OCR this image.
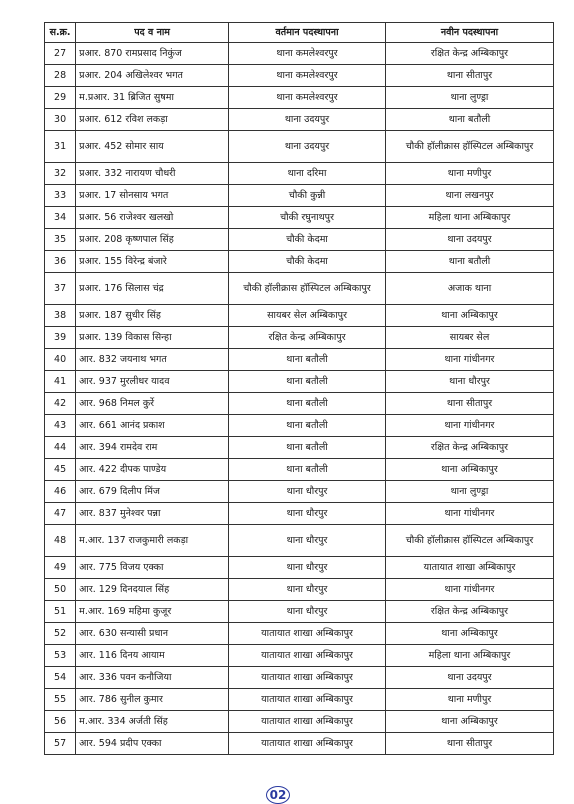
स.क्र.	पद व नाम	वर्तमान पदस्थापना	नवीन पदस्थापना
27	प्रआर. 870 रामप्रसाद निकुंज	थाना कमलेश्वरपुर	रक्षित केन्द्र अम्बिकापुर
28	प्रआर. 204 अखिलेश्वर भगत	थाना कमलेश्वरपुर	थाना सीतापुर
29	म.प्रआर. 31 ब्रिजित सुषमा	थाना कमलेश्वरपुर	थाना लुण्ड्रा
30	प्रआर. 612 रविश लकड़ा	थाना उदयपुर	थाना बतौली
31	प्रआर. 452 सोमार साय	थाना उदयपुर	चौकी हॉलीक्रास हॉस्पिटल अम्बिकापुर
32	प्रआर. 332 नारायण चौधरी	थाना दरिमा	थाना मणीपुर
33	प्रआर. 17 सोनसाय भगत	चौकी कुन्नी	थाना लखनपुर
34	प्रआर. 56 राजेश्वर खलखो	चौकी रघुनाथपुर	महिला थाना अम्बिकापुर
35	प्रआर. 208 कृष्णपाल सिंह	चौकी केदमा	थाना उदयपुर
36	प्रआर. 155 विरेन्द्र बंजारे	चौकी केदमा	थाना बतौली
37	प्रआर. 176 सिलास चंद्र	चौकी हॉलीक्रास हॉस्पिटल अम्बिकापुर	अजाक थाना
38	प्रआर. 187 सुधीर सिंह	सायबर सेल अम्बिकापुर	थाना अम्बिकापुर
39	प्रआर. 139 विकास सिन्हा	रक्षित केन्द्र अम्बिकापुर	सायबर सेल
40	आर. 832 जयनाथ भगत	थाना बतौली	थाना गांधीनगर
41	आर. 937 मुरलीधर यादव	थाना बतौली	थाना धौरपुर
42	आर. 968 निमल कुर्रे	थाना बतौली	थाना सीतापुर
43	आर. 661 आनंद प्रकाश	थाना बतौली	थाना गांधीनगर
44	आर. 394 रामदेव राम	थाना बतौली	रक्षित केन्द्र अम्बिकापुर
45	आर. 422 दीपक पाण्डेय	थाना बतौली	थाना अम्बिकापुर
46	आर. 679 दिलीप मिंज	थाना धौरपुर	थाना लुण्ड्रा
47	आर. 837 मुनेश्वर पन्ना	थाना धौरपुर	थाना गांधीनगर
48	म.आर. 137 राजकुमारी लकड़ा	थाना धौरपुर	चौकी हॉलीक्रास हॉस्पिटल अम्बिकापुर
49	आर. 775 विजय एक्का	थाना धौरपुर	यातायात शाखा अम्बिकापुर
50	आर. 129 दिनदयाल सिंह	थाना धौरपुर	थाना गांधीनगर
51	म.आर. 169 महिमा कुजूर	थाना धौरपुर	रक्षित केन्द्र अम्बिकापुर
52	आर. 630 सन्यासी प्रधान	यातायात शाखा अम्बिकापुर	थाना अम्बिकापुर
53	आर. 116 दिनय आयाम	यातायात शाखा अम्बिकापुर	महिला थाना अम्बिकापुर
54	आर. 336 पवन कनौजिया	यातायात शाखा अम्बिकापुर	थाना उदयपुर
55	आर. 786 सुनील कुमार	यातायात शाखा अम्बिकापुर	थाना मणीपुर
56	म.आर. 334 अर्जती सिंह	यातायात शाखा अम्बिकापुर	थाना अम्बिकापुर
57	आर. 594 प्रदीप एक्का	यातायात शाखा अम्बिकापुर	थाना सीतापुर
02
